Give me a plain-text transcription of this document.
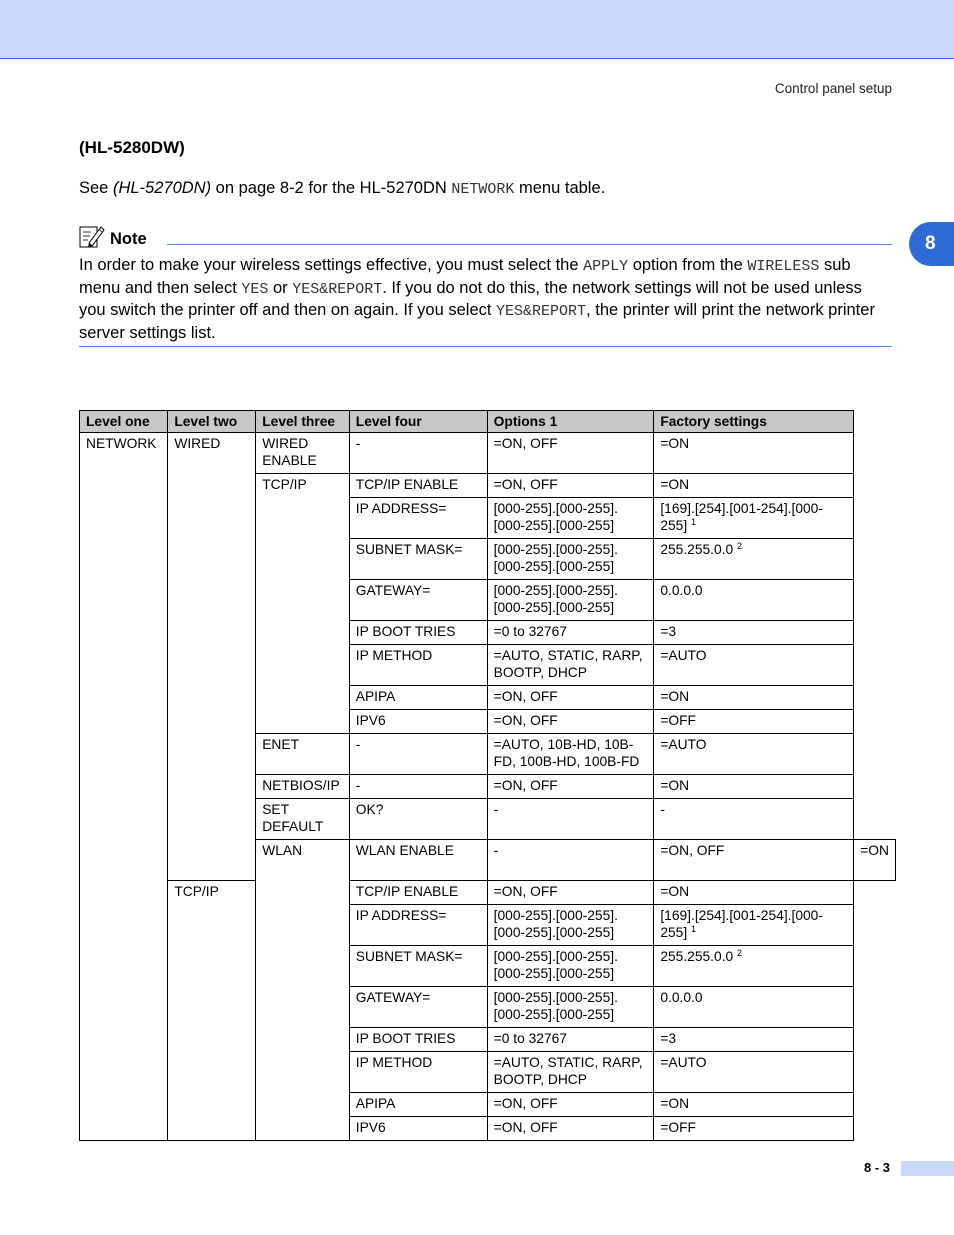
Control panel setup
8
(HL-5280DW)
See (HL-5270DN) on page 8-2 for the HL-5270DN NETWORK menu table.
Note
In order to make your wireless settings effective, you must select the APPLY option from the WIRELESS sub menu and then select YES or YES&REPORT. If you do not do this, the network settings will not be used unless you switch the printer off and then on again. If you select YES&REPORT, the printer will print the network printer server settings list.
Level one	Level two	Level three	Level four	Options 1	Factory settings	
NETWORK	WIRED	WIRED ENABLE	-	=ON, OFF	=ON	
		TCP/IP	TCP/IP ENABLE	=ON, OFF	=ON	
			IP ADDRESS=	[000-255].[000-255].[000-255].[000-255]	[169].[254].[001-254].[000-255] $^1$
			SUBNET MASK=	[000-255].[000-255].[000-255].[000-255]	255.255.0.0 $^2$
			GATEWAY=	[000-255].[000-255].[000-255].[000-255]	0.0.0.0	
			IP BOOT TRIES	=0 to 32767	=3	
			IP METHOD	=AUTO, STATIC, RARP, BOOTP, DHCP	=AUTO	
			APIPA	=ON, OFF	=ON	
			IPV6	=ON, OFF	=OFF	
		ENET	-	=AUTO, 10B-HD, 10B-FD, 100B-HD, 100B-FD	=AUTO	
		NETBIOS/IP	-	=ON, OFF	=ON	
		SET DEFAULT	OK?	-	-	
		WLAN	WLAN ENABLE	-	=ON, OFF	=ON
	TCP/IP		TCP/IP ENABLE	=ON, OFF	=ON	
			IP ADDRESS=	[000-255].[000-255].[000-255].[000-255]	[169].[254].[001-254].[000-255] $^1$
			SUBNET MASK=	[000-255].[000-255].[000-255].[000-255]	255.255.0.0 $^2$
			GATEWAY=	[000-255].[000-255].[000-255].[000-255]	0.0.0.0	
			IP BOOT TRIES	=0 to 32767	=3	
			IP METHOD	=AUTO, STATIC, RARP, BOOTP, DHCP	=AUTO	
			APIPA	=ON, OFF	=ON	
			IPV6	=ON, OFF	=OFF	
8 - 3
